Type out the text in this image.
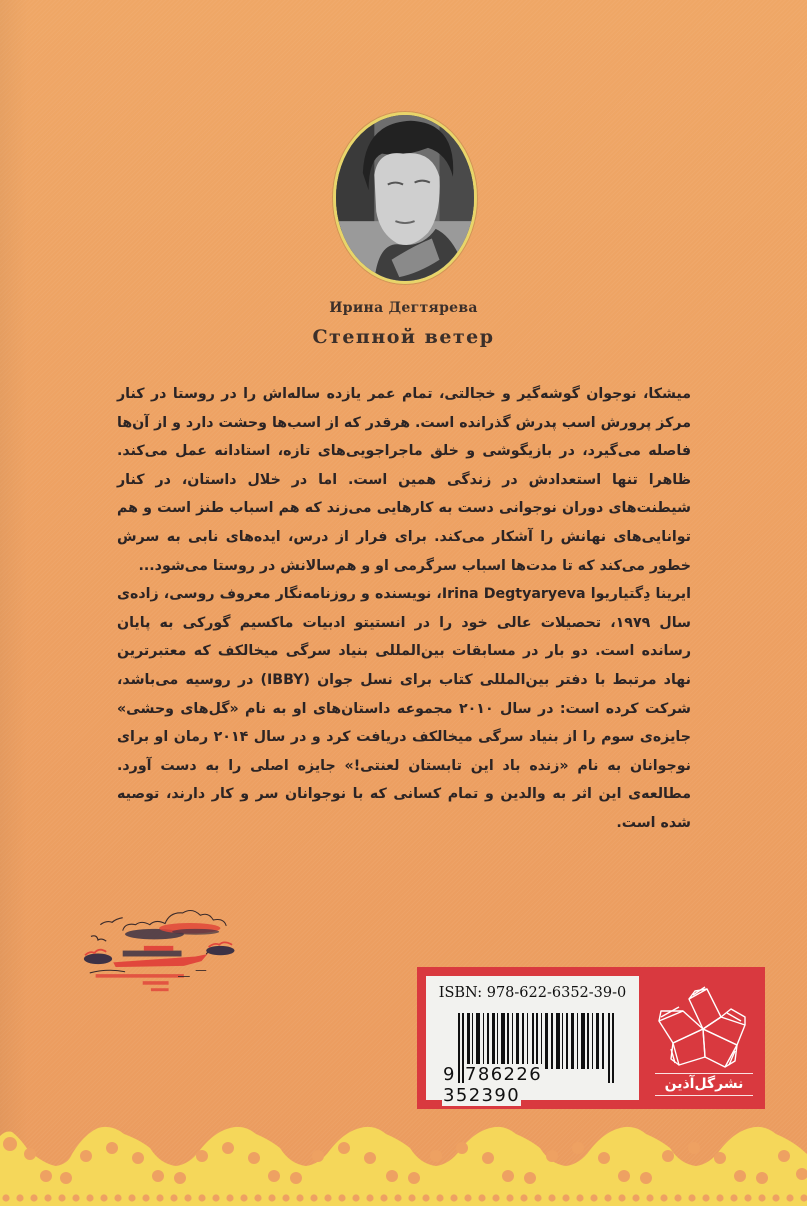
Ирина Дегтярева
Степной ветер

میشکا، نوجوان گوشه‌گیر و خجالتی، تمام عمر یازده ساله‌اش را در روستا در کنار مرکز پرورش اسب پدرش گذرانده است. هرقدر که از اسب‌ها وحشت دارد و از آن‌ها فاصله می‌گیرد، در بازیگوشی و خلق ماجراجویی‌های تازه، استادانه عمل می‌کند. ظاهرا تنها استعدادش در زندگی همین است. اما در خلال داستان، در کنار شیطنت‌های دوران نوجوانی دست به کارهایی می‌زند که هم اسباب طنز است و هم توانایی‌های نهانش را آشکار می‌کند. برای فرار از درس، ایده‌های نابی به سرش خطور می‌کند که تا مدت‌ها اسباب سرگرمی او و هم‌سالانش در روستا می‌شود...

ایرینا دِگتیاریوا Irina Degtyaryeva، نویسنده و روزنامه‌نگار معروف روسی، زاده‌ی سال ۱۹۷۹، تحصیلات عالی خود را در انستیتو ادبیات ماکسیم گورکی به پایان رسانده است. دو بار در مسابقات بین‌المللی بنیاد سرگی میخالکف که معتبرترین نهاد مرتبط با دفتر بین‌المللی کتاب برای نسل جوان (IBBY) در روسیه می‌باشد، شرکت کرده است: در سال ۲۰۱۰ مجموعه داستان‌های او به نام «گل‌های وحشی» جایزه‌ی سوم را از بنیاد سرگی میخالکف دریافت کرد و در سال ۲۰۱۴ رمان او برای نوجوانان به نام «زنده باد این تابستان لعنتی!» جایزه اصلی را به دست آورد. مطالعه‌ی این اثر به والدین و تمام کسانی که با نوجوانان سر و کار دارند، توصیه شده است.

ISBN: 978-622-6352-39-0
9 786226 352390
نشرگل‌آذین
